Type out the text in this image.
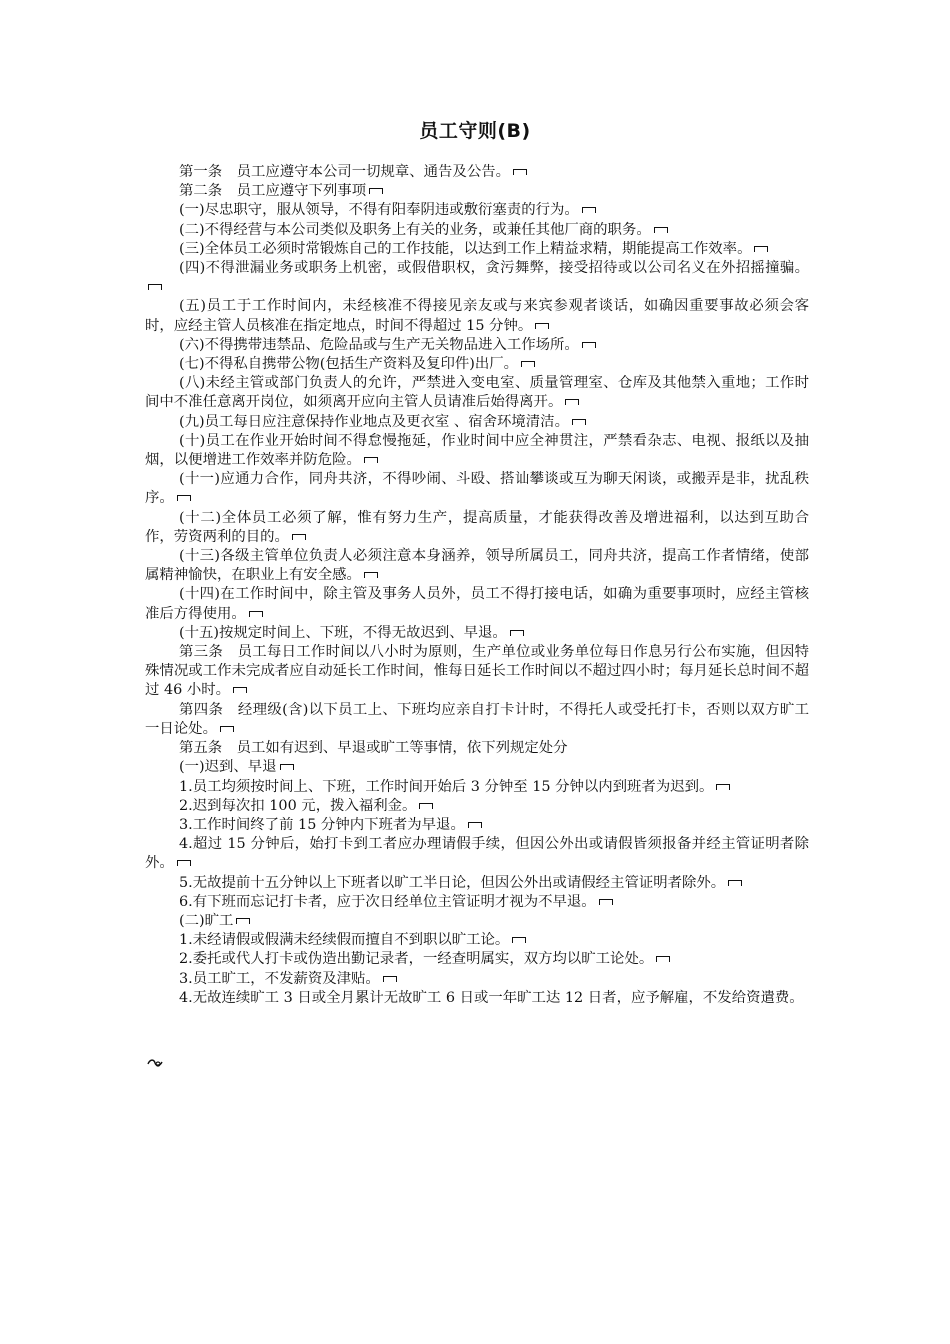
员工守则(B)

第一条　员工应遵守本公司一切规章、通告及公告。

第二条　员工应遵守下列事项

(一)尽忠职守，服从领导，不得有阳奉阴违或敷衍塞责的行为。

(二)不得经营与本公司类似及职务上有关的业务，或兼任其他厂商的职务。

(三)全体员工必须时常锻炼自己的工作技能，以达到工作上精益求精，期能提高工作效率。

(四)不得泄漏业务或职务上机密，或假借职权，贪污舞弊，接受招待或以公司名义在外招摇撞骗。

(五)员工于工作时间内，未经核准不得接见亲友或与来宾参观者谈话，如确因重要事故必须会客时，应经主管人员核准在指定地点，时间不得超过 15 分钟。

(六)不得携带违禁品、危险品或与生产无关物品进入工作场所。

(七)不得私自携带公物(包括生产资料及复印件)出厂。

(八)未经主管或部门负责人的允许，严禁进入变电室、质量管理室、仓库及其他禁入重地；工作时间中不准任意离开岗位，如须离开应向主管人员请准后始得离开。

(九)员工每日应注意保持作业地点及更衣室 、宿舍环境清洁。

(十)员工在作业开始时间不得怠慢拖延，作业时间中应全神贯注，严禁看杂志、电视、报纸以及抽烟，以便增进工作效率并防危险。

(十一)应通力合作，同舟共济，不得吵闹、斗殴、搭讪攀谈或互为聊天闲谈，或搬弄是非，扰乱秩序。

(十二)全体员工必须了解，惟有努力生产，提高质量，才能获得改善及增进福利，以达到互助合作，劳资两利的目的。

(十三)各级主管单位负责人必须注意本身涵养，领导所属员工，同舟共济，提高工作者情绪，使部属精神愉快，在职业上有安全感。

(十四)在工作时间中，除主管及事务人员外，员工不得打接电话，如确为重要事项时，应经主管核准后方得使用。

(十五)按规定时间上、下班，不得无故迟到、早退。

第三条　员工每日工作时间以八小时为原则，生产单位或业务单位每日作息另行公布实施，但因特殊情况或工作未完成者应自动延长工作时间，惟每日延长工作时间以不超过四小时；每月延长总时间不超过 46 小时。

第四条　经理级(含)以下员工上、下班均应亲自打卡计时，不得托人或受托打卡，否则以双方旷工一日论处。

第五条　员工如有迟到、早退或旷工等事情，依下列规定处分

(一)迟到、早退

1.员工均须按时间上、下班，工作时间开始后 3 分钟至 15 分钟以内到班者为迟到。

2.迟到每次扣 100 元，拨入福利金。

3.工作时间终了前 15 分钟内下班者为早退。

4.超过 15 分钟后，始打卡到工者应办理请假手续，但因公外出或请假皆须报备并经主管证明者除外。

5.无故提前十五分钟以上下班者以旷工半日论，但因公外出或请假经主管证明者除外。

6.有下班而忘记打卡者，应于次日经单位主管证明才视为不早退。

(二)旷工

1.未经请假或假满未经续假而擅自不到职以旷工论。

2.委托或代人打卡或伪造出勤记录者，一经查明属实，双方均以旷工论处。

3.员工旷工，不发薪资及津贴。

4.无故连续旷工 3 日或全月累计无故旷工 6 日或一年旷工达 12 日者，应予解雇，不发给资遣费。
